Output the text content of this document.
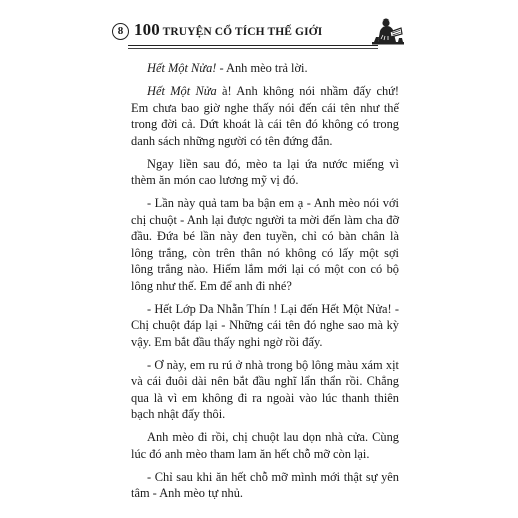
8 100 TRUYỆN CỔ TÍCH THẾ GIỚI

Hết Một Nửa! - Anh mèo trả lời.

Hết Một Nửa à! Anh không nói nhầm đấy chứ! Em chưa bao giờ nghe thấy nói đến cái tên như thế trong đời cả. Dứt khoát là cái tên đó không có trong danh sách những người có tên đứng đắn.

Ngay liền sau đó, mèo ta lại ứa nước miếng vì thèm ăn món cao lương mỹ vị đó.

- Lần này quả tam ba bận em ạ - Anh mèo nói với chị chuột - Anh lại được người ta mời đến làm cha đỡ đầu. Đứa bé lần này đen tuyền, chỉ có bàn chân là lông trắng, còn trên thân nó không có lấy một sợi lông trắng nào. Hiếm lắm mới lại có một con có bộ lông như thế. Em để anh đi nhé?

- Hết Lớp Da Nhẵn Thín ! Lại đến Hết Một Nửa! - Chị chuột đáp lại - Những cái tên đó nghe sao mà kỳ vậy. Em bắt đầu thấy nghi ngờ rồi đấy.

- Ơ này, em ru rú ở nhà trong bộ lông màu xám xịt và cái đuôi dài nên bắt đầu nghĩ lẩn thẩn rồi. Chẳng qua là vì em không đi ra ngoài vào lúc thanh thiên bạch nhật đấy thôi.

Anh mèo đi rồi, chị chuột lau dọn nhà cửa. Cùng lúc đó anh mèo tham lam ăn hết chỗ mỡ còn lại.

- Chỉ sau khi ăn hết chỗ mỡ mình mới thật sự yên tâm - Anh mèo tự nhủ.
